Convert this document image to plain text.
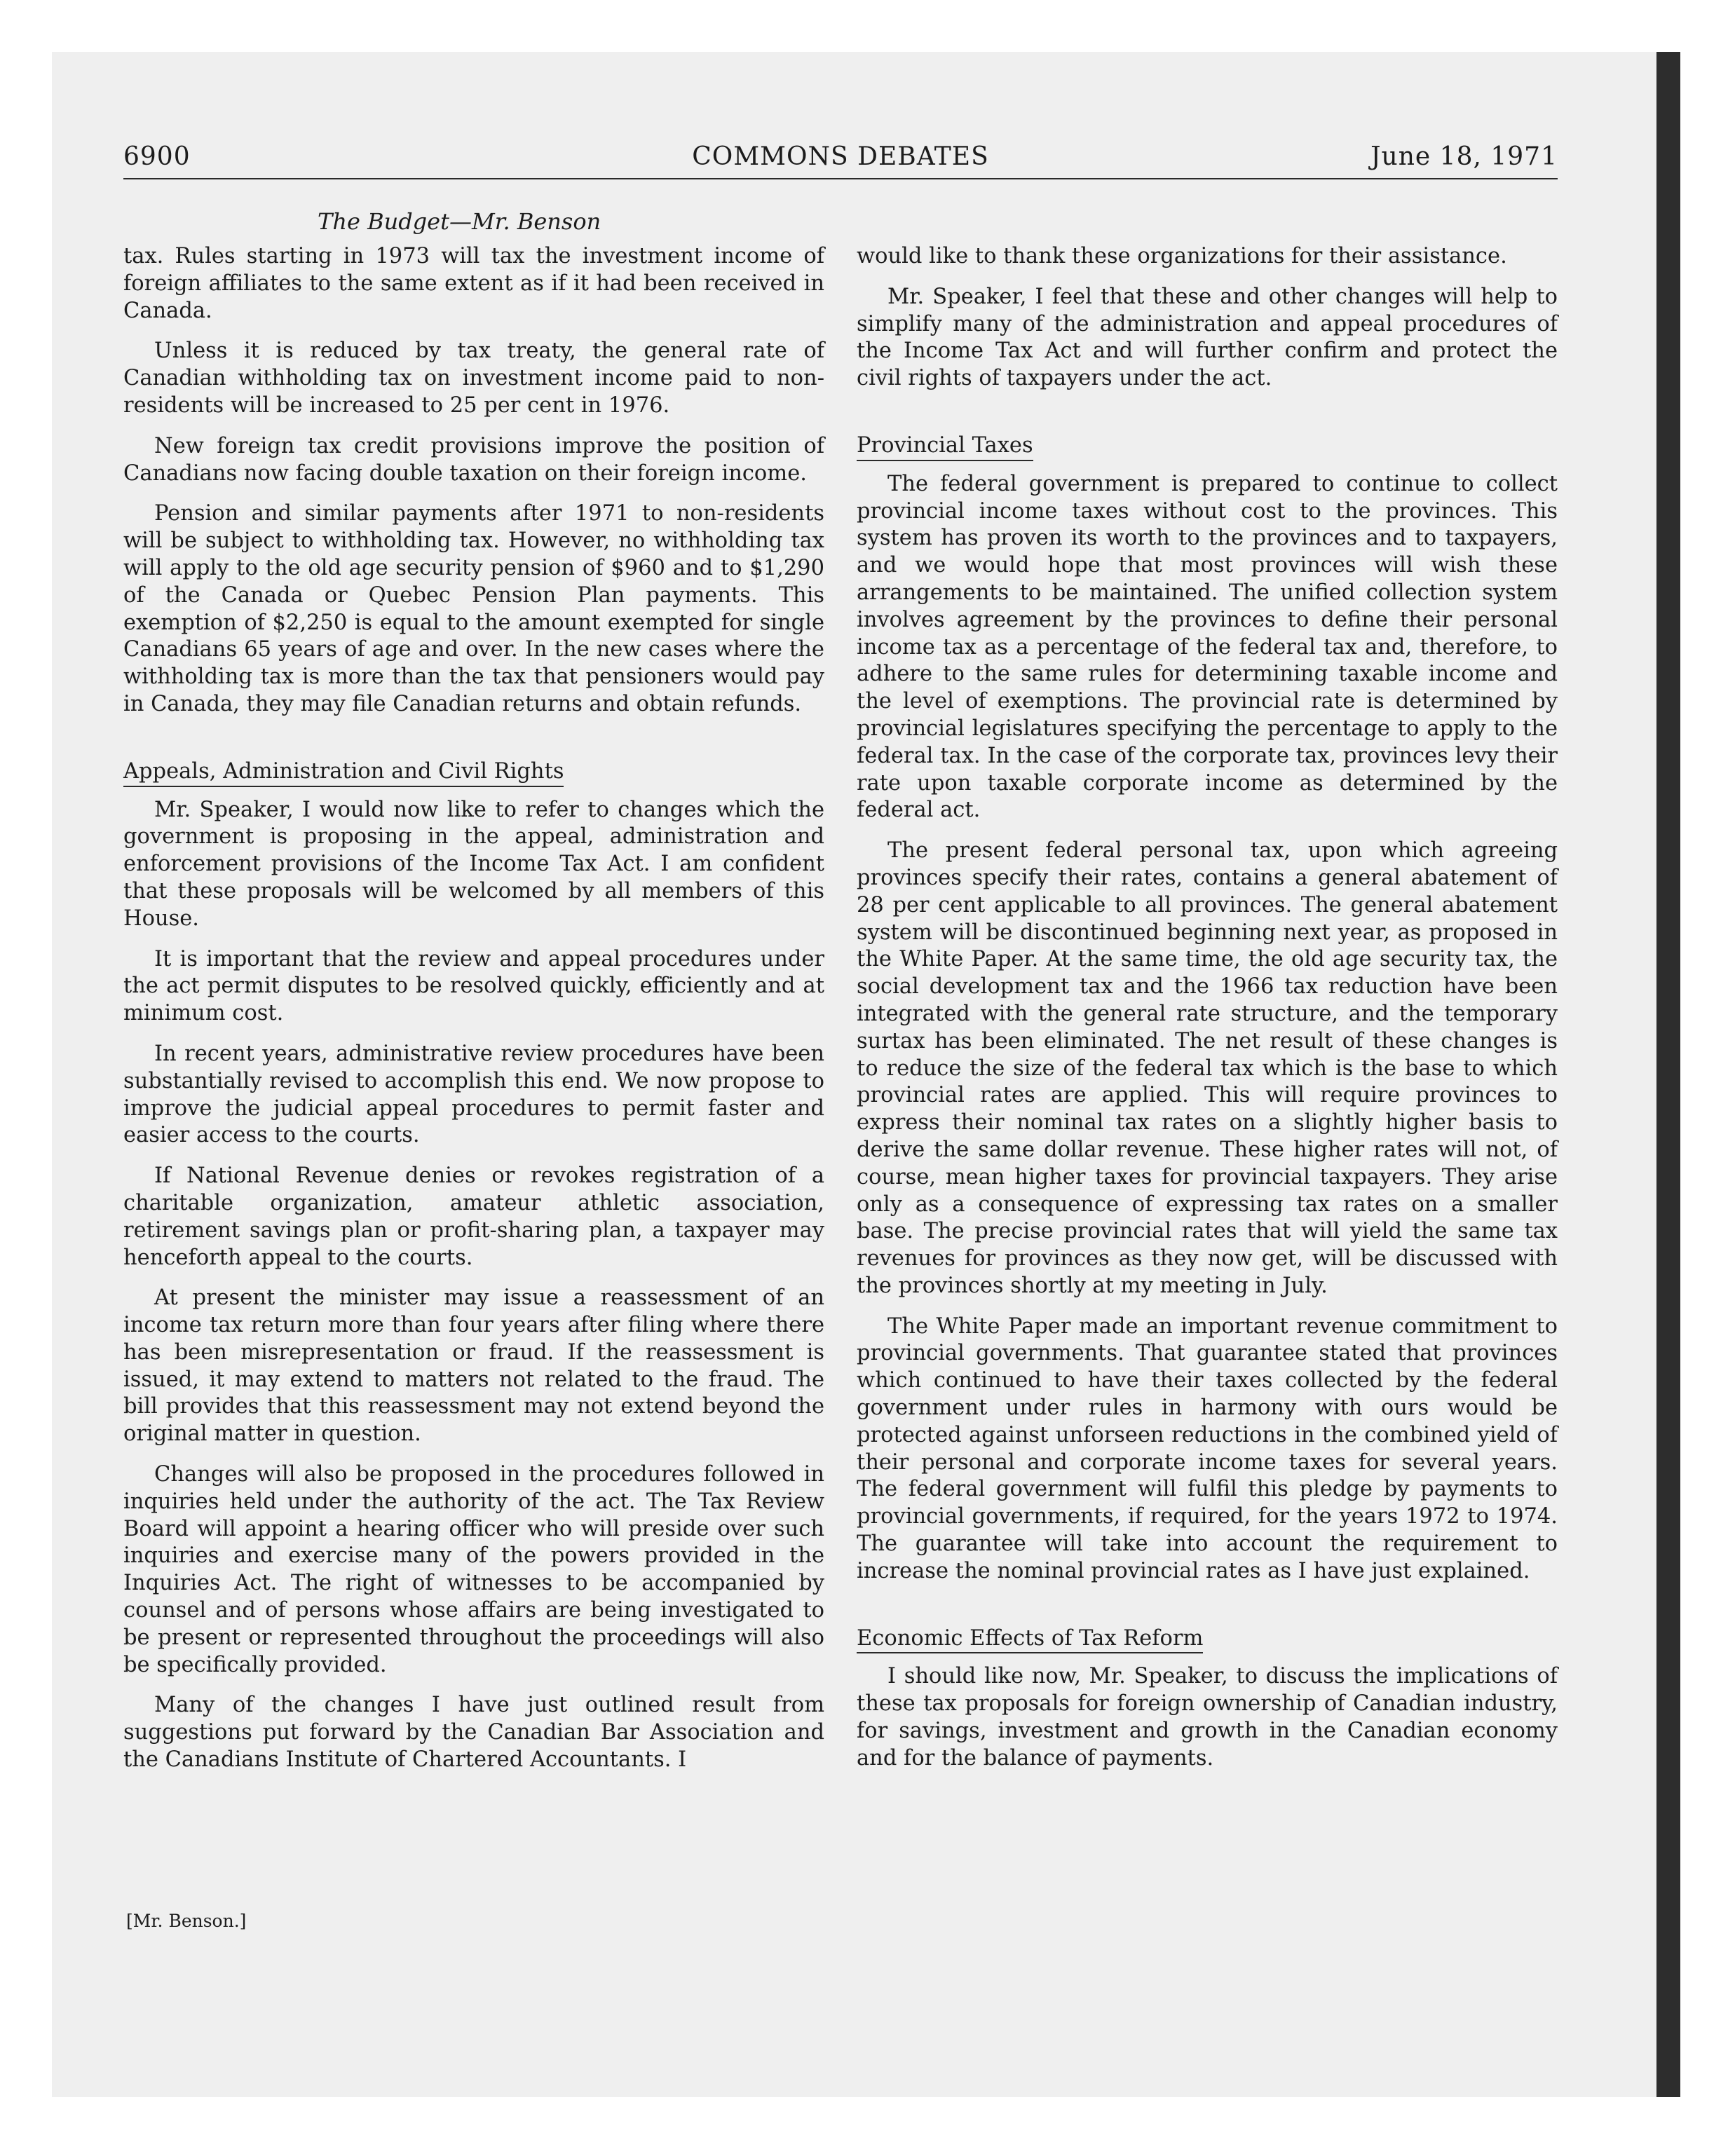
6900	COMMONS DEBATES	June 18, 1971
The Budget—Mr. Benson

tax. Rules starting in 1973 will tax the investment income of foreign affiliates to the same extent as if it had been received in Canada.

Unless it is reduced by tax treaty, the general rate of Canadian withholding tax on investment income paid to non-residents will be increased to 25 per cent in 1976.

New foreign tax credit provisions improve the position of Canadians now facing double taxation on their foreign income.

Pension and similar payments after 1971 to non-residents will be subject to withholding tax. However, no withholding tax will apply to the old age security pension of $960 and to $1,290 of the Canada or Quebec Pension Plan payments. This exemption of $2,250 is equal to the amount exempted for single Canadians 65 years of age and over. In the new cases where the withholding tax is more than the tax that pensioners would pay in Canada, they may file Canadian returns and obtain refunds.

Appeals, Administration and Civil Rights

Mr. Speaker, I would now like to refer to changes which the government is proposing in the appeal, administration and enforcement provisions of the Income Tax Act. I am confident that these proposals will be welcomed by all members of this House.

It is important that the review and appeal procedures under the act permit disputes to be resolved quickly, efficiently and at minimum cost.

In recent years, administrative review procedures have been substantially revised to accomplish this end. We now propose to improve the judicial appeal procedures to permit faster and easier access to the courts.

If National Revenue denies or revokes registration of a charitable organization, amateur athletic association, retirement savings plan or profit-sharing plan, a taxpayer may henceforth appeal to the courts.

At present the minister may issue a reassessment of an income tax return more than four years after filing where there has been misrepresentation or fraud. If the reassessment is issued, it may extend to matters not related to the fraud. The bill provides that this reassessment may not extend beyond the original matter in question.

Changes will also be proposed in the procedures followed in inquiries held under the authority of the act. The Tax Review Board will appoint a hearing officer who will preside over such inquiries and exercise many of the powers provided in the Inquiries Act. The right of witnesses to be accompanied by counsel and of persons whose affairs are being investigated to be present or represented throughout the proceedings will also be specifically provided.

Many of the changes I have just outlined result from suggestions put forward by the Canadian Bar Association and the Canadians Institute of Chartered Accountants. I

would like to thank these organizations for their assistance.

Mr. Speaker, I feel that these and other changes will help to simplify many of the administration and appeal procedures of the Income Tax Act and will further confirm and protect the civil rights of taxpayers under the act.

Provincial Taxes

The federal government is prepared to continue to collect provincial income taxes without cost to the provinces. This system has proven its worth to the provinces and to taxpayers, and we would hope that most provinces will wish these arrangements to be maintained. The unified collection system involves agreement by the provinces to define their personal income tax as a percentage of the federal tax and, therefore, to adhere to the same rules for determining taxable income and the level of exemptions. The provincial rate is determined by provincial legislatures specifying the percentage to apply to the federal tax. In the case of the corporate tax, provinces levy their rate upon taxable corporate income as determined by the federal act.

The present federal personal tax, upon which agreeing provinces specify their rates, contains a general abatement of 28 per cent applicable to all provinces. The general abatement system will be discontinued beginning next year, as proposed in the White Paper. At the same time, the old age security tax, the social development tax and the 1966 tax reduction have been integrated with the general rate structure, and the temporary surtax has been eliminated. The net result of these changes is to reduce the size of the federal tax which is the base to which provincial rates are applied. This will require provinces to express their nominal tax rates on a slightly higher basis to derive the same dollar revenue. These higher rates will not, of course, mean higher taxes for provincial taxpayers. They arise only as a consequence of expressing tax rates on a smaller base. The precise provincial rates that will yield the same tax revenues for provinces as they now get, will be discussed with the provinces shortly at my meeting in July.

The White Paper made an important revenue commitment to provincial governments. That guarantee stated that provinces which continued to have their taxes collected by the federal government under rules in harmony with ours would be protected against unforseen reductions in the combined yield of their personal and corporate income taxes for several years. The federal government will fulfil this pledge by payments to provincial governments, if required, for the years 1972 to 1974. The guarantee will take into account the requirement to increase the nominal provincial rates as I have just explained.

Economic Effects of Tax Reform

I should like now, Mr. Speaker, to discuss the implications of these tax proposals for foreign ownership of Canadian industry, for savings, investment and growth in the Canadian economy and for the balance of payments.

[Mr. Benson.]
